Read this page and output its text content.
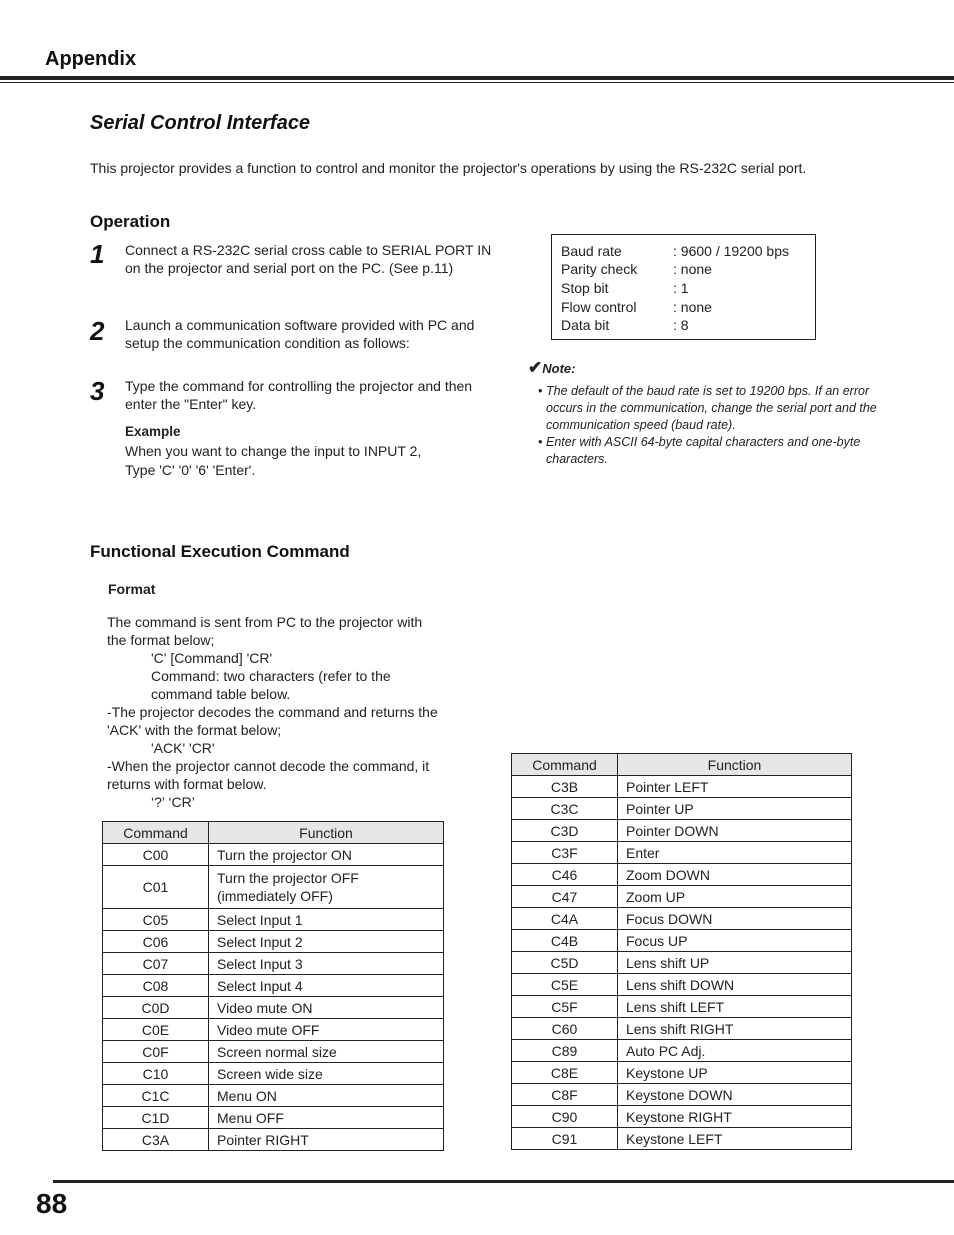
Appendix
Serial Control Interface
This projector provides a function to control and monitor the projector's operations by using the RS-232C serial port.
Operation
1 Connect a RS-232C serial cross cable to SERIAL PORT IN on the projector and serial port on the PC. (See p.11)
2 Launch a communication software provided with PC and setup the communication condition as follows:
3 Type the command for controlling the projector and then enter the "Enter" key.
Example
When you want to change the input to INPUT 2,
Type 'C' '0' '6' 'Enter'.
Baud rate	: 9600 / 19200 bps
Parity check	: none
Stop bit	: 1
Flow control	: none
Data bit	: 8
✔Note:
• The default of the baud rate is set to 19200 bps. If an error occurs in the communication, change the serial port and the communication speed (baud rate).
• Enter with ASCII 64-byte capital characters and one-byte characters.
Functional Execution Command
Format
The command is sent from PC to the projector with
the format below;
'C' [Command] 'CR'
Command: two characters (refer to the
command table below.
-The projector decodes the command and returns the
'ACK' with the format below;
'ACK' 'CR'
-When the projector cannot decode the command, it
returns with format below.
‘?’ ‘CR’
Command	Function
C00	Turn the projector ON
C01	Turn the projector OFF (immediately OFF)
C05	Select Input 1
C06	Select Input 2
C07	Select Input 3
C08	Select Input 4
C0D	Video mute ON
C0E	Video mute OFF
C0F	Screen normal size
C10	Screen wide size
C1C	Menu ON
C1D	Menu OFF
C3A	Pointer RIGHT
Command	Function
C3B	Pointer LEFT
C3C	Pointer UP
C3D	Pointer DOWN
C3F	Enter
C46	Zoom DOWN
C47	Zoom UP
C4A	Focus DOWN
C4B	Focus UP
C5D	Lens shift UP
C5E	Lens shift DOWN
C5F	Lens shift LEFT
C60	Lens shift RIGHT
C89	Auto PC Adj.
C8E	Keystone UP
C8F	Keystone DOWN
C90	Keystone RIGHT
C91	Keystone LEFT
88
